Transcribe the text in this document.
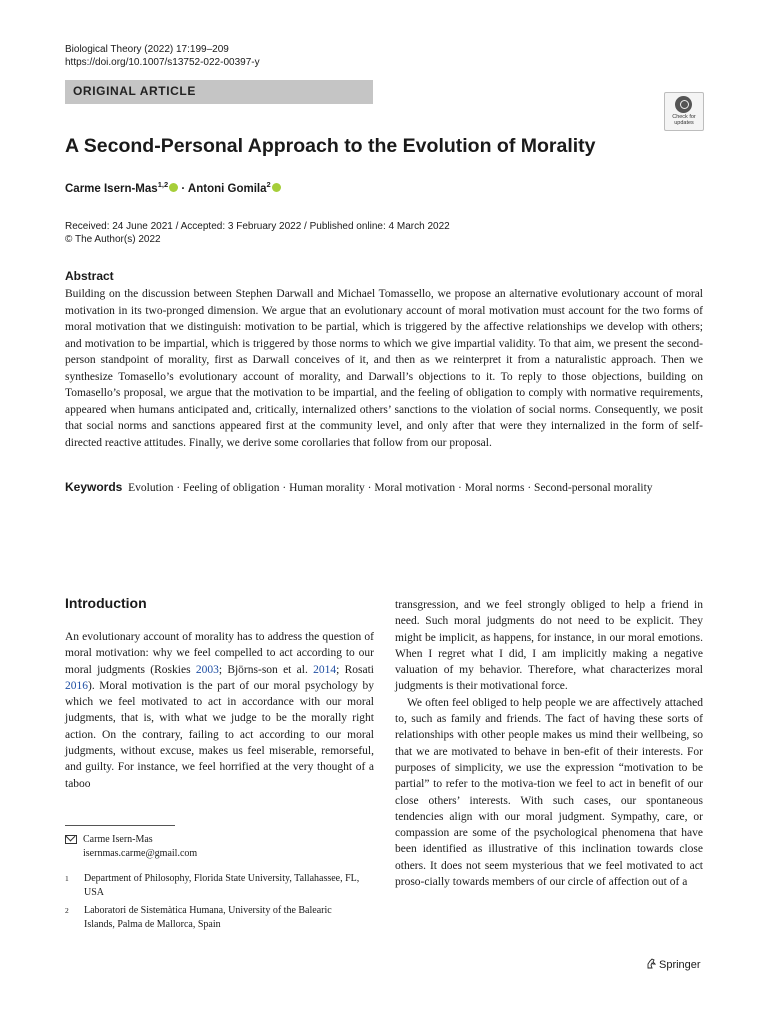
Biological Theory (2022) 17:199–209
https://doi.org/10.1007/s13752-022-00397-y
ORIGINAL ARTICLE
Check for
updates
A Second-Personal Approach to the Evolution of Morality
Carme Isern-Mas$^{1,2}$ · Antoni Gomila$^2$
Received: 24 June 2021 / Accepted: 3 February 2022 / Published online: 4 March 2022
© The Author(s) 2022
Abstract
Building on the discussion between Stephen Darwall and Michael Tomassello, we propose an alternative evolutionary account of moral motivation in its two-pronged dimension. We argue that an evolutionary account of moral motivation must account for the two forms of moral motivation that we distinguish: motivation to be partial, which is triggered by the affective relationships we develop with others; and motivation to be impartial, which is triggered by those norms to which we give impartial validity. To that aim, we present the second-person standpoint of morality, first as Darwall conceives of it, and then as we reinterpret it from a naturalistic approach. Then we synthesize Tomasello’s evolutionary account of morality, and Darwall’s objections to it. To reply to those objections, building on Tomasello’s proposal, we argue that the motivation to be impartial, and the feeling of obligation to comply with normative requirements, appeared when humans anticipated and, critically, internalized others’ sanctions to the violation of social norms. Consequently, we posit that social norms and sanctions appeared first at the community level, and only after that were they internalized in the form of self-directed reactive attitudes. Finally, we derive some corollaries that follow from our proposal.
Keywords Evolution · Feeling of obligation · Human morality · Moral motivation · Moral norms · Second-personal morality
Introduction
An evolutionary account of morality has to address the question of moral motivation: why we feel compelled to act according to our moral judgments (Roskies 2003; Björns-son et al. 2014; Rosati 2016). Moral motivation is the part of our moral psychology by which we feel motivated to act in accordance with our moral judgments, that is, with what we judge to be the morally right action. On the contrary, failing to act according to our moral judgments, without excuse, makes us feel miserable, remorseful, and guilty. For instance, we feel horrified at the very thought of a taboo
transgression, and we feel strongly obliged to help a friend in need. Such moral judgments do not need to be explicit. They might be implicit, as happens, for instance, in our moral emotions. When I regret what I did, I am implicitly making a negative valuation of my behavior. Therefore, what characterizes moral judgments is their motivational force.
We often feel obliged to help people we are affectively attached to, such as family and friends. The fact of having these sorts of relationships with other people makes us mind their wellbeing, so that we are motivated to behave in ben-efit of their interests. For purposes of simplicity, we use the expression “motivation to be partial” to refer to the motiva-tion we feel to act in benefit of our close others’ interests. With such cases, our spontaneous tendencies align with our moral judgment. Sympathy, care, or compassion are some of the psychological phenomena that have been identified as illustrative of this inclination towards close others. It does not seem mysterious that we feel motivated to act proso-cially towards members of our circle of affection out of a
Carme Isern-Mas
isernmas.carme@gmail.com
1 Department of Philosophy, Florida State University, Tallahassee, FL, USA
2 Laboratori de Sistemàtica Humana, University of the Balearic Islands, Palma de Mallorca, Spain
Springer
